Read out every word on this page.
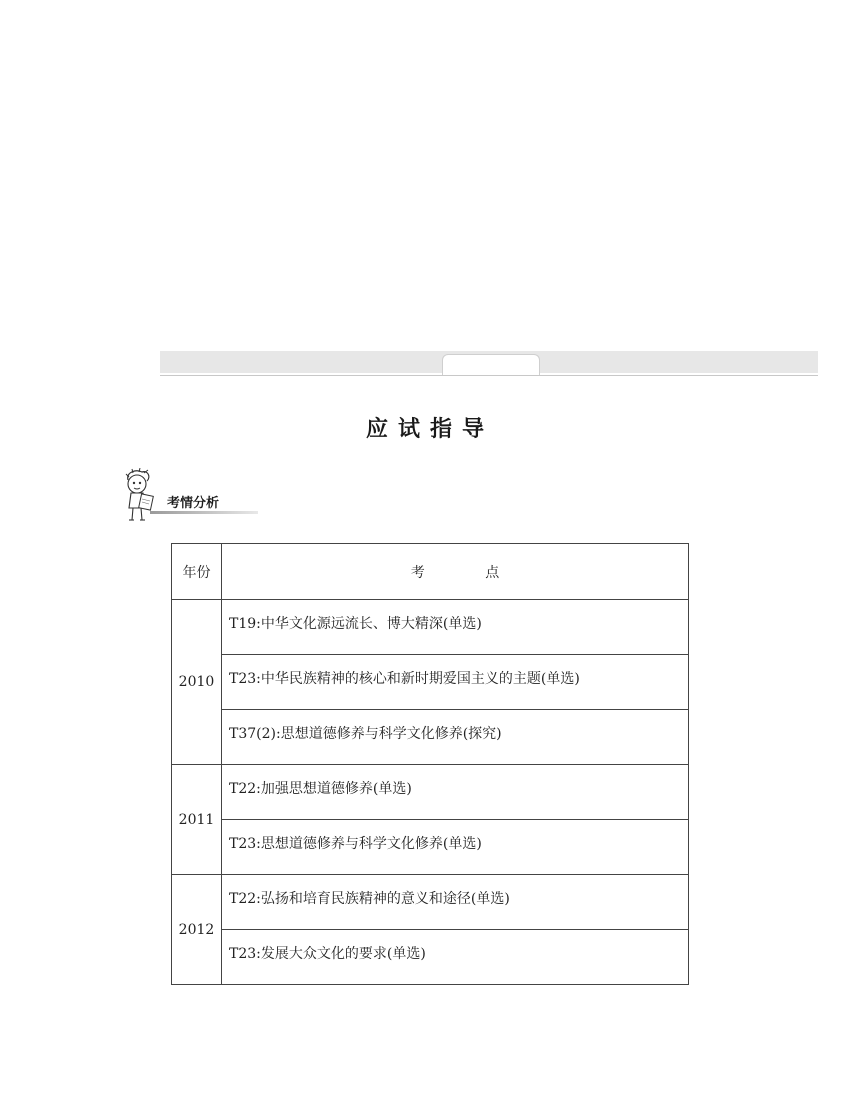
应试指导
考情分析
年份	考 点
2010	T19:中华文化源远流长、博大精深(单选)
	T23:中华民族精神的核心和新时期爱国主义的主题(单选)
	T37(2):思想道德修养与科学文化修养(探究)
2011	T22:加强思想道德修养(单选)
	T23:思想道德修养与科学文化修养(单选)
2012	T22:弘扬和培育民族精神的意义和途径(单选)
	T23:发展大众文化的要求(单选)
